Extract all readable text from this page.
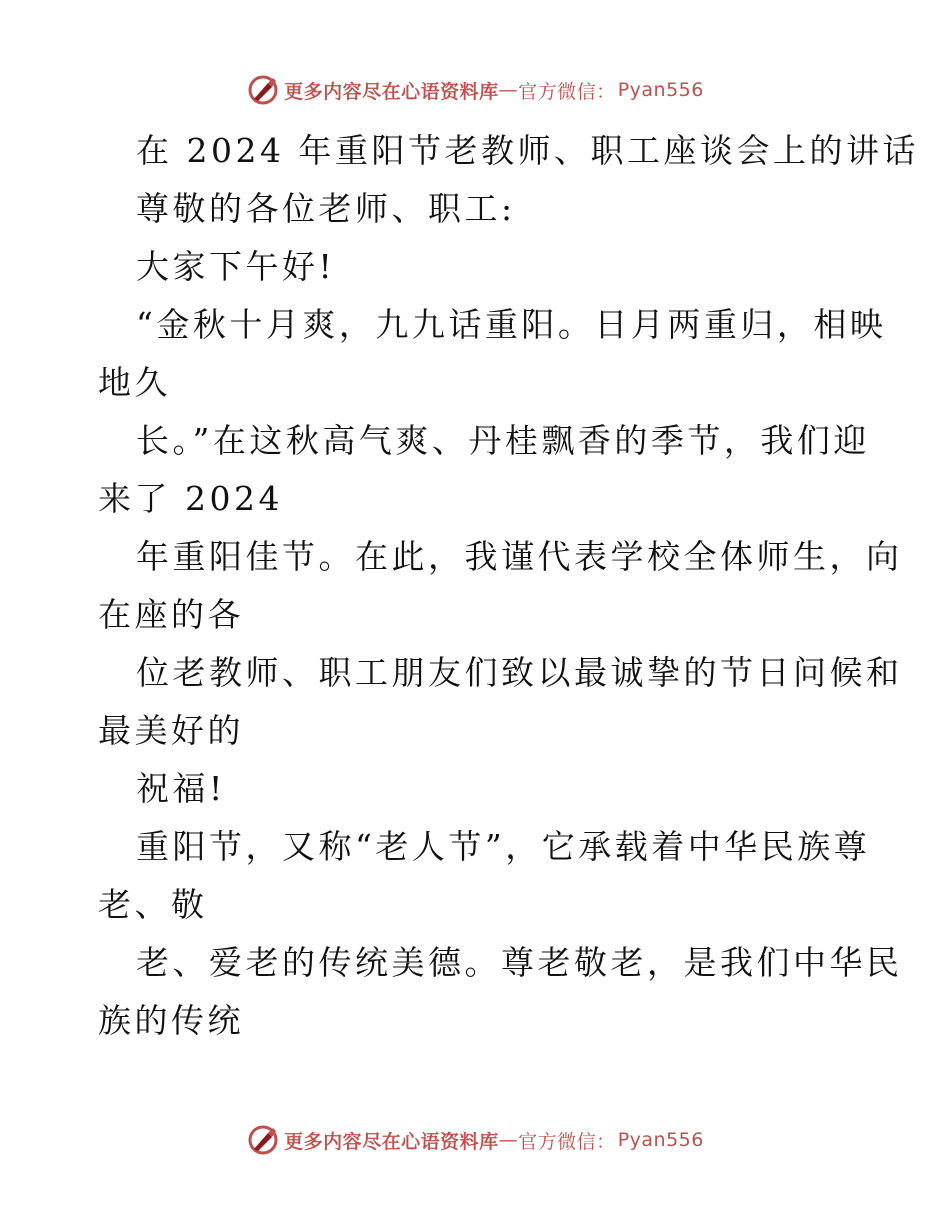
更多内容尽在心语资料库 — 官方微信： Pyan556
在 2024 年重阳节老教师、职工座谈会上的讲话
尊敬的各位老师、职工:
大家下午好!
“金秋十月爽，九九话重阳。日月两重归，相映
地久
长。”在这秋高气爽、丹桂飘香的季节，我们迎
来了 2024
年重阳佳节。在此，我谨代表学校全体师生，向
在座的各
位老教师、职工朋友们致以最诚挚的节日问候和
最美好的
祝福!
重阳节，又称“老人节”，它承载着中华民族尊
老、敬
老、爱老的传统美德。尊老敬老，是我们中华民
族的传统
更多内容尽在心语资料库 — 官方微信： Pyan556
